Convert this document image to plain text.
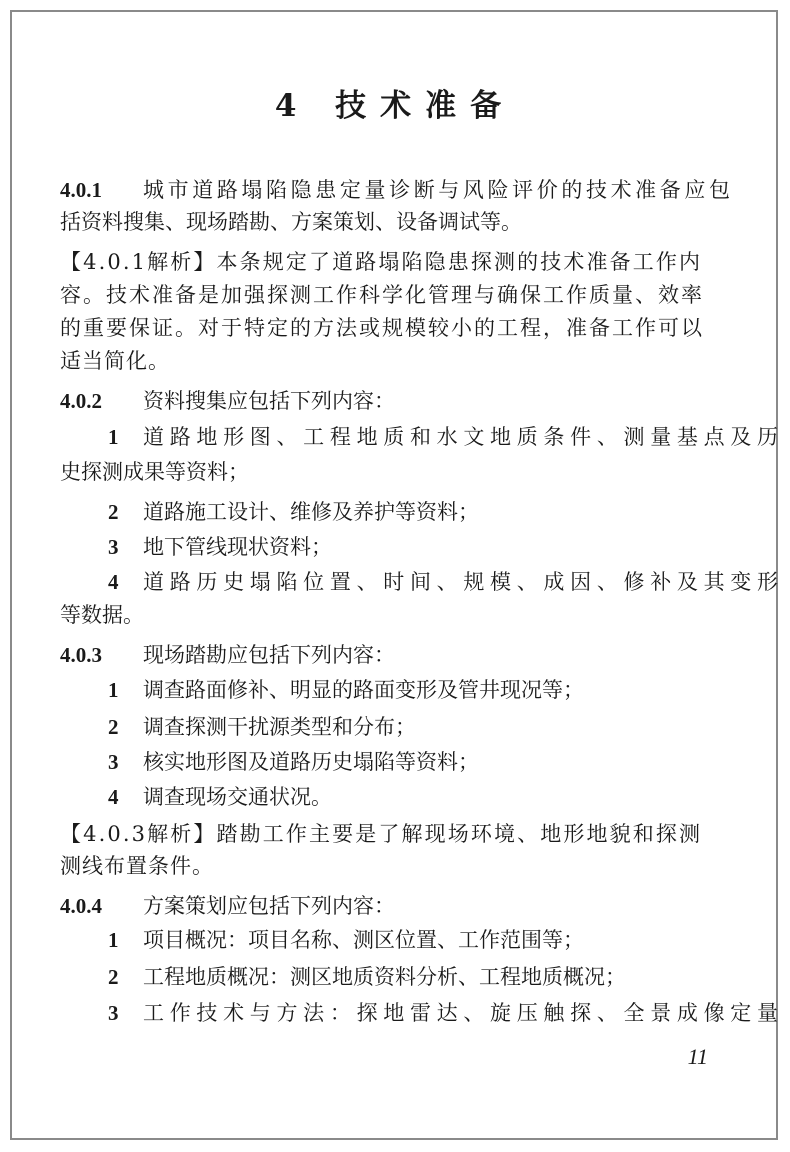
4 技术准备
4.0.1 城市道路塌陷隐患定量诊断与风险评价的技术准备应包
括资料搜集、现场踏勘、方案策划、设备调试等。
【4.0.1解析】本条规定了道路塌陷隐患探测的技术准备工作内
容。技术准备是加强探测工作科学化管理与确保工作质量、效率
的重要保证。对于特定的方法或规模较小的工程，准备工作可以
适当简化。
4.0.2 资料搜集应包括下列内容：
1 道路地形图、工程地质和水文地质条件、测量基点及历
史探测成果等资料；
2 道路施工设计、维修及养护等资料；
3 地下管线现状资料；
4 道路历史塌陷位置、时间、规模、成因、修补及其变形
等数据。
4.0.3 现场踏勘应包括下列内容：
1 调查路面修补、明显的路面变形及管井现况等；
2 调查探测干扰源类型和分布；
3 核实地形图及道路历史塌陷等资料；
4 调查现场交通状况。
【4.0.3解析】踏勘工作主要是了解现场环境、地形地貌和探测
测线布置条件。
4.0.4 方案策划应包括下列内容：
1 项目概况：项目名称、测区位置、工作范围等；
2 工程地质概况：测区地质资料分析、工程地质概况；
3 工作技术与方法：探地雷达、旋压触探、全景成像定量
11
